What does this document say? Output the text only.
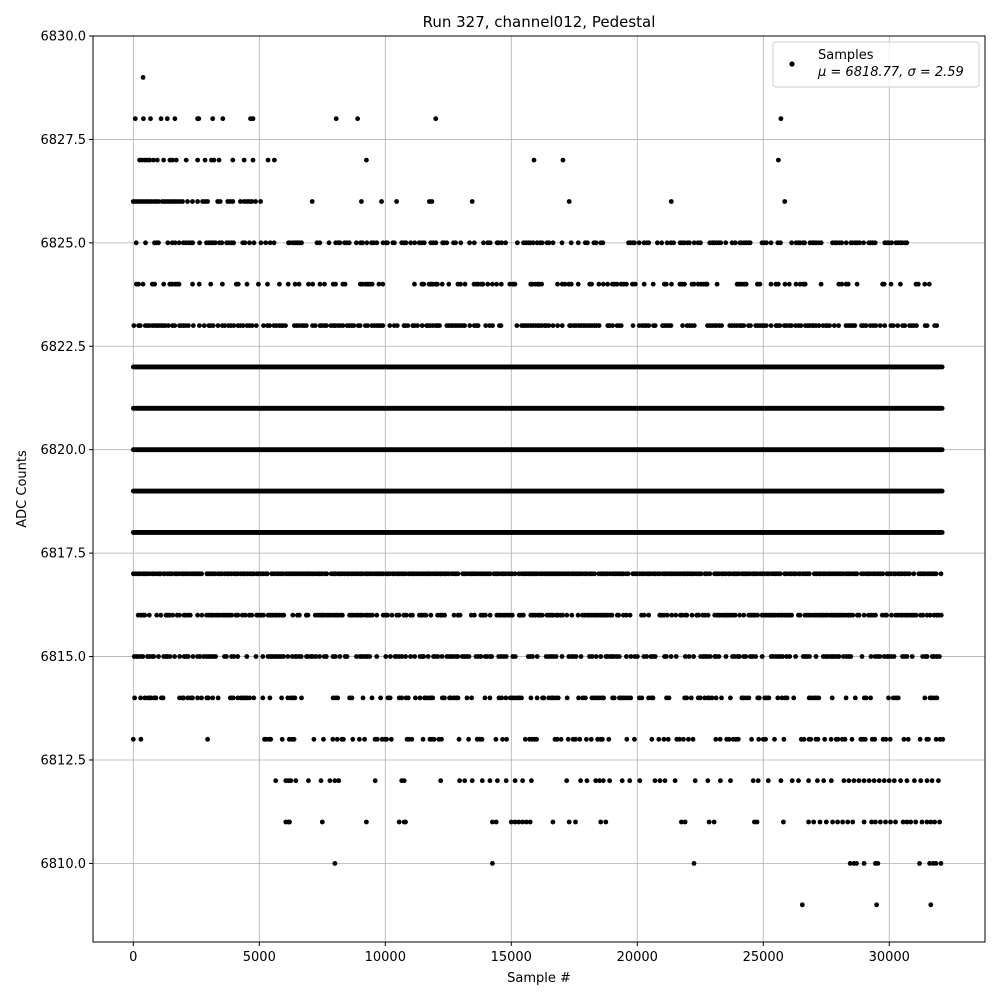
0	5000	10000	15000	20000	25000	30000
6810.0
6812.5
6815.0
6817.5
6820.0
6822.5
6825.0
6827.5
6830.0
Run 327, channel012, Pedestal
Sample #
ADC Counts
Samples
μ = 6818.77, σ = 2.59
